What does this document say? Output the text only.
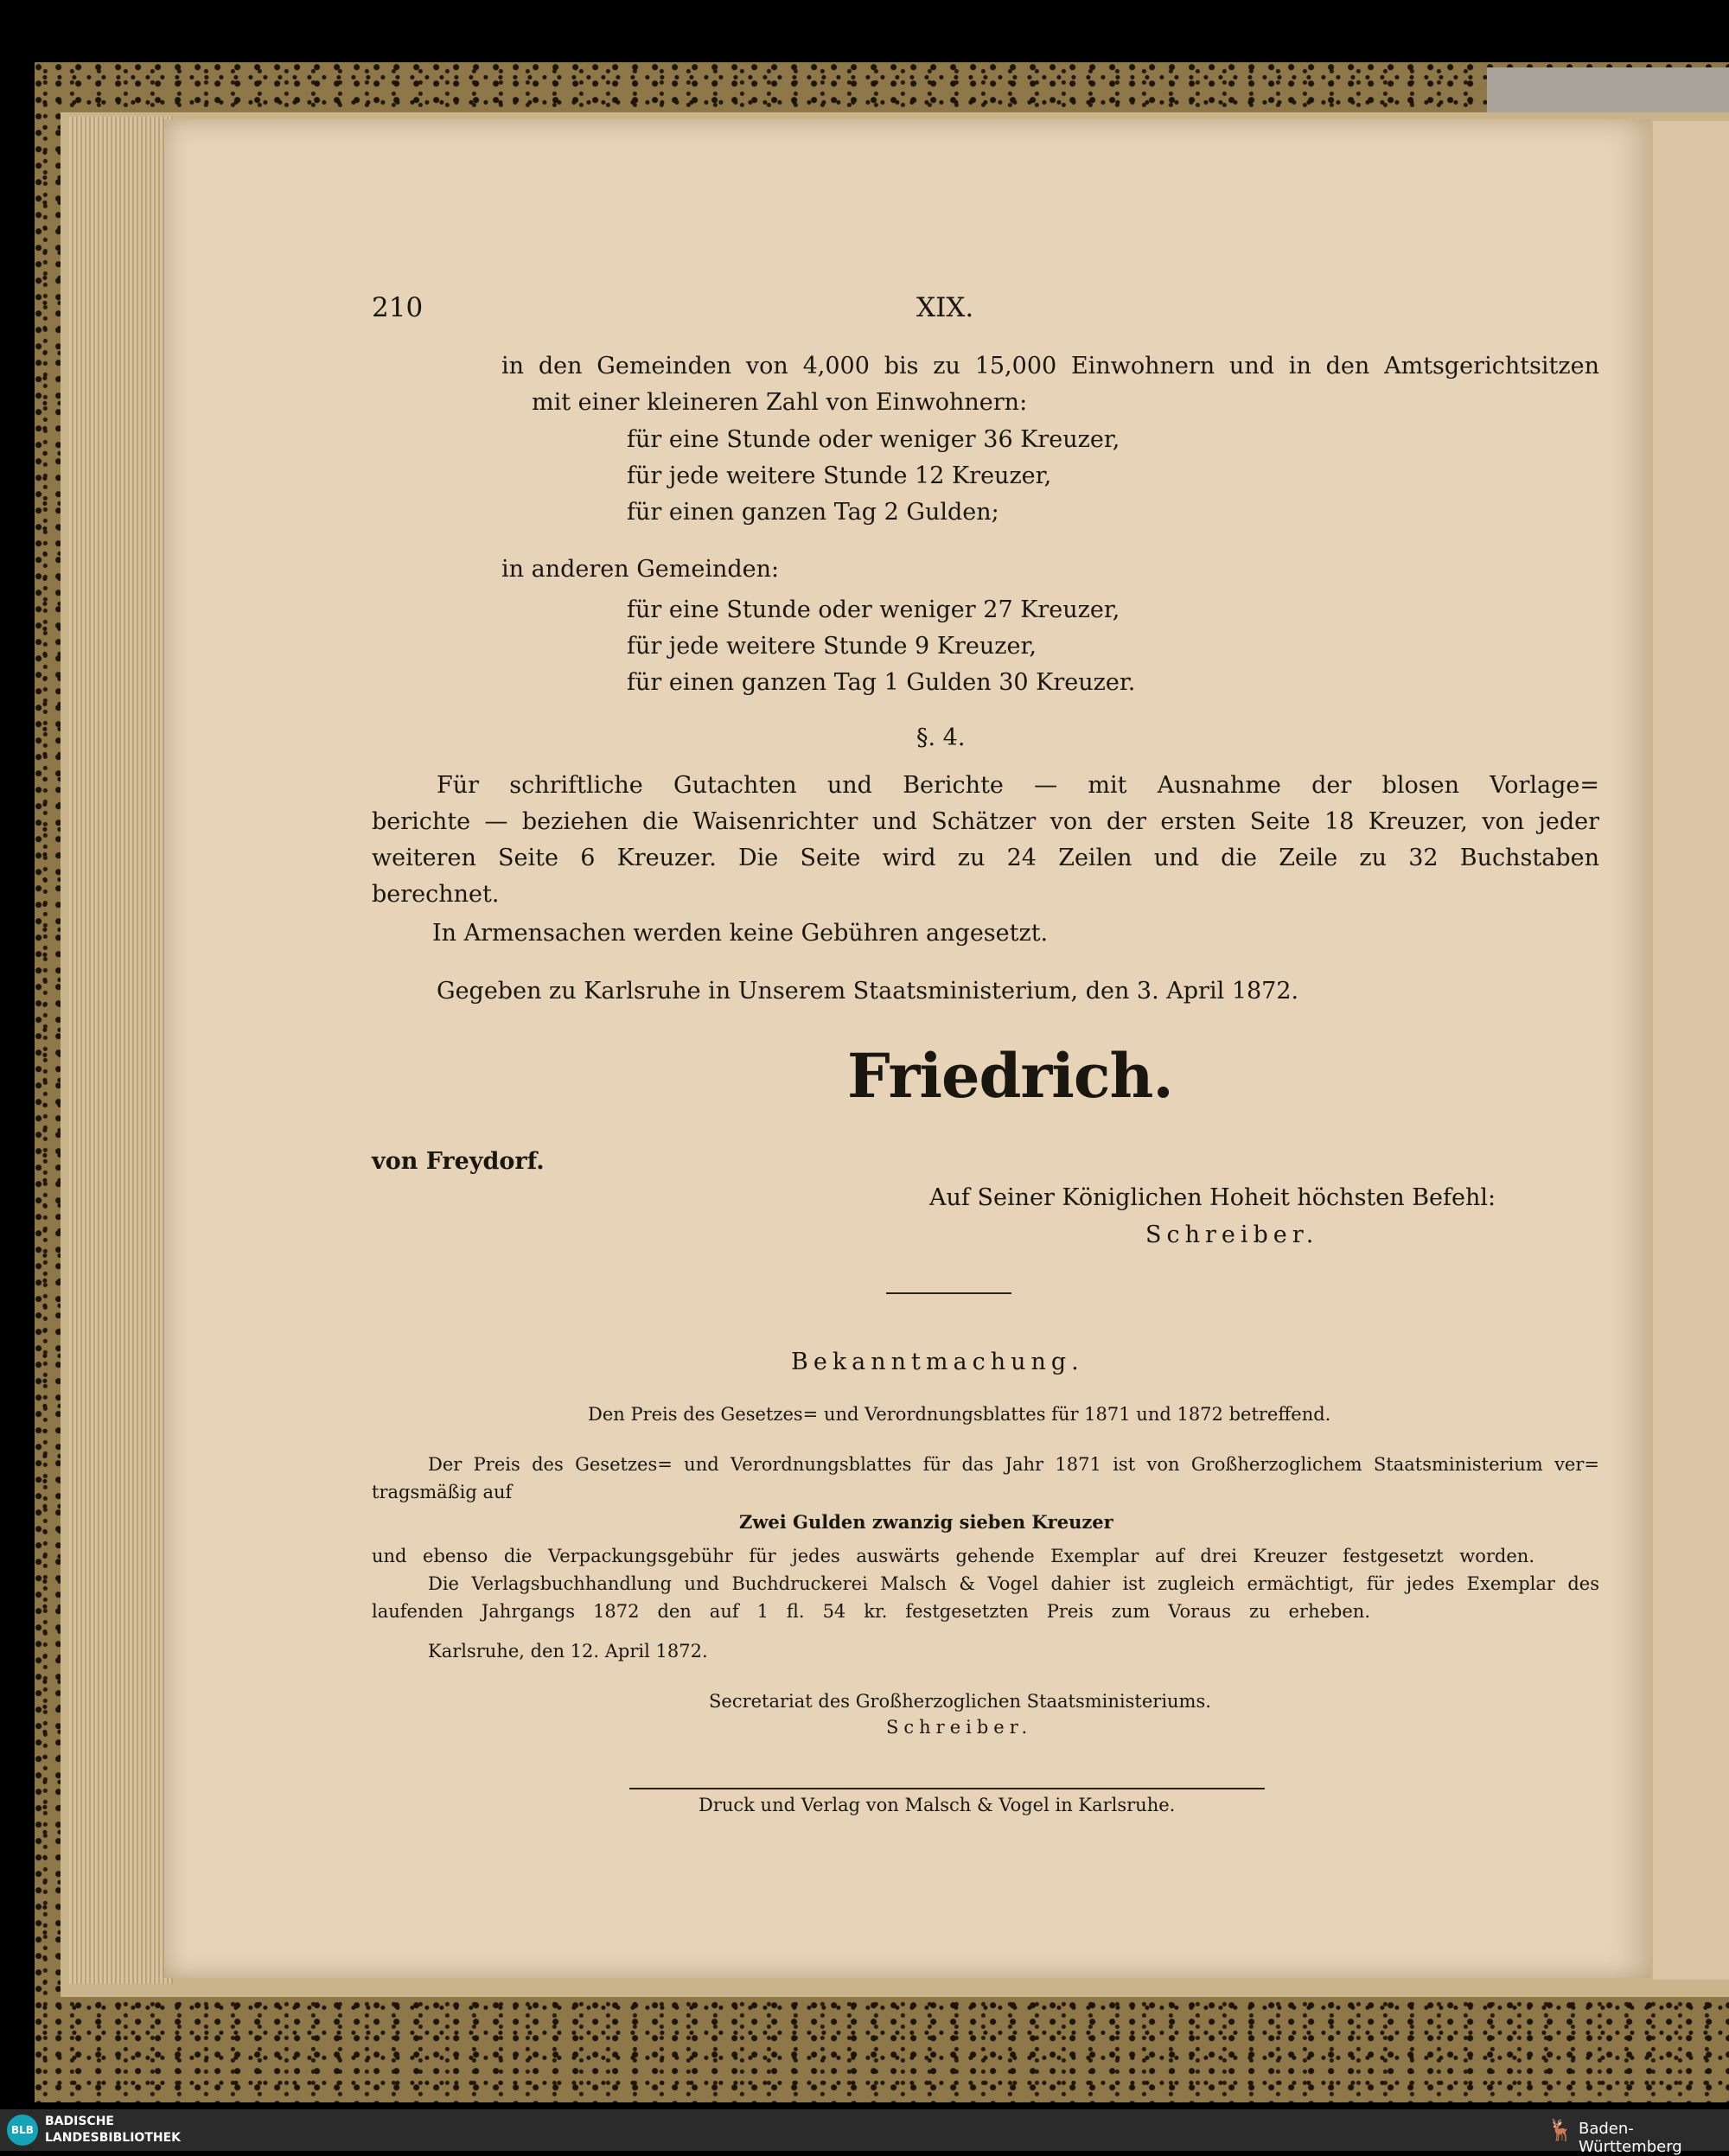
210	XIX.

in den Gemeinden von 4,000 bis zu 15,000 Einwohnern und in den Amtsgerichtsitzen

mit einer kleineren Zahl von Einwohnern:

für eine Stunde oder weniger 36 Kreuzer,

für jede weitere Stunde 12 Kreuzer,

für einen ganzen Tag 2 Gulden;

in anderen Gemeinden:

für eine Stunde oder weniger 27 Kreuzer,

für jede weitere Stunde 9 Kreuzer,

für einen ganzen Tag 1 Gulden 30 Kreuzer.

§. 4.

Für schriftliche Gutachten und Berichte — mit Ausnahme der blosen Vorlage=

berichte — beziehen die Waisenrichter und Schätzer von der ersten Seite 18 Kreuzer, von jeder

weiteren Seite 6 Kreuzer. Die Seite wird zu 24 Zeilen und die Zeile zu 32 Buchstaben

berechnet.

In Armensachen werden keine Gebühren angesetzt.

Gegeben zu Karlsruhe in Unserem Staatsministerium, den 3. April 1872.

Friedrich.

von Freydorf.

Auf Seiner Königlichen Hoheit höchsten Befehl:

Schreiber.

Bekanntmachung.

Den Preis des Gesetzes= und Verordnungsblattes für 1871 und 1872 betreffend.

Der Preis des Gesetzes= und Verordnungsblattes für das Jahr 1871 ist von Großherzoglichem Staatsministerium ver=

tragsmäßig auf

Zwei Gulden zwanzig sieben Kreuzer

und ebenso die Verpackungsgebühr für jedes auswärts gehende Exemplar auf drei Kreuzer festgesetzt worden.

Die Verlagsbuchhandlung und Buchdruckerei Malsch & Vogel dahier ist zugleich ermächtigt, für jedes Exemplar des

laufenden Jahrgangs 1872 den auf 1 fl. 54 kr. festgesetzten Preis zum Voraus zu erheben.

Karlsruhe, den 12. April 1872.

Secretariat des Großherzoglichen Staatsministeriums.

Schreiber.

Druck und Verlag von Malsch & Vogel in Karlsruhe.

BLB
BADISCHE
LANDESBIBLIOTHEK	🦌 Baden-Württemberg
